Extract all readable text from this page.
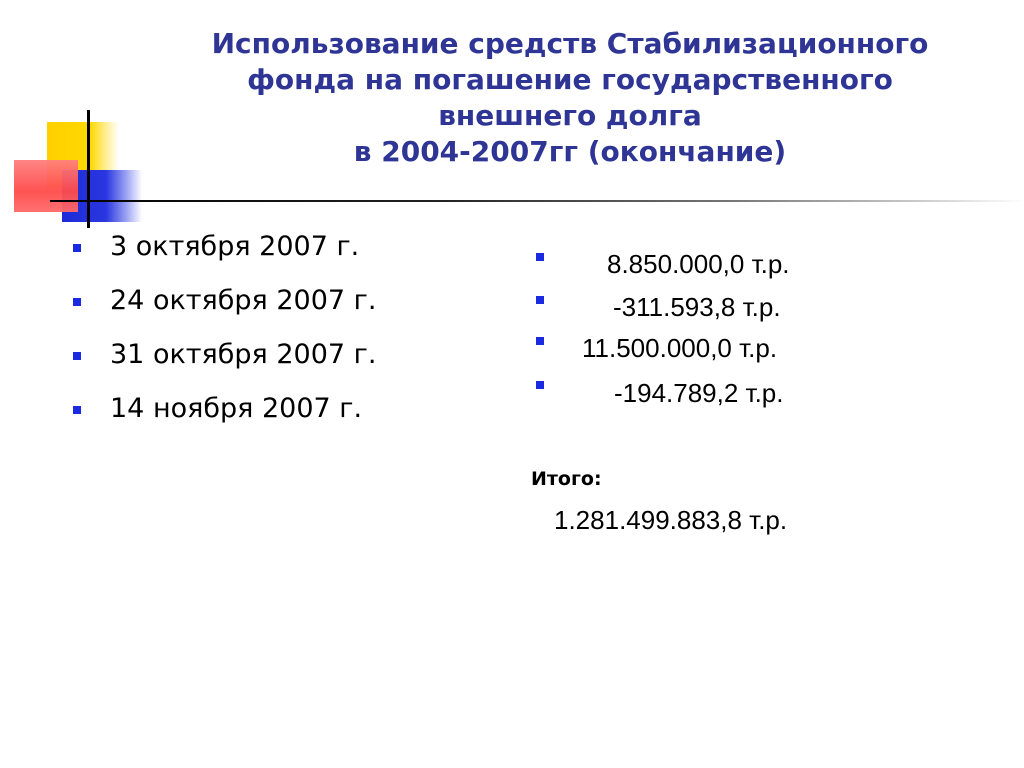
Использование средств Стабилизационного
фонда на погашение государственного
внешнего долга
в 2004-2007гг (окончание)
3 октября 2007 г.
24 октября 2007 г.
31 октября 2007 г.
14 ноября 2007 г.
8.850.000,0 т.р.
-311.593,8 т.р.
11.500.000,0 т.р.
-194.789,2 т.р.
Итого:
1.281.499.883,8 т.р.
